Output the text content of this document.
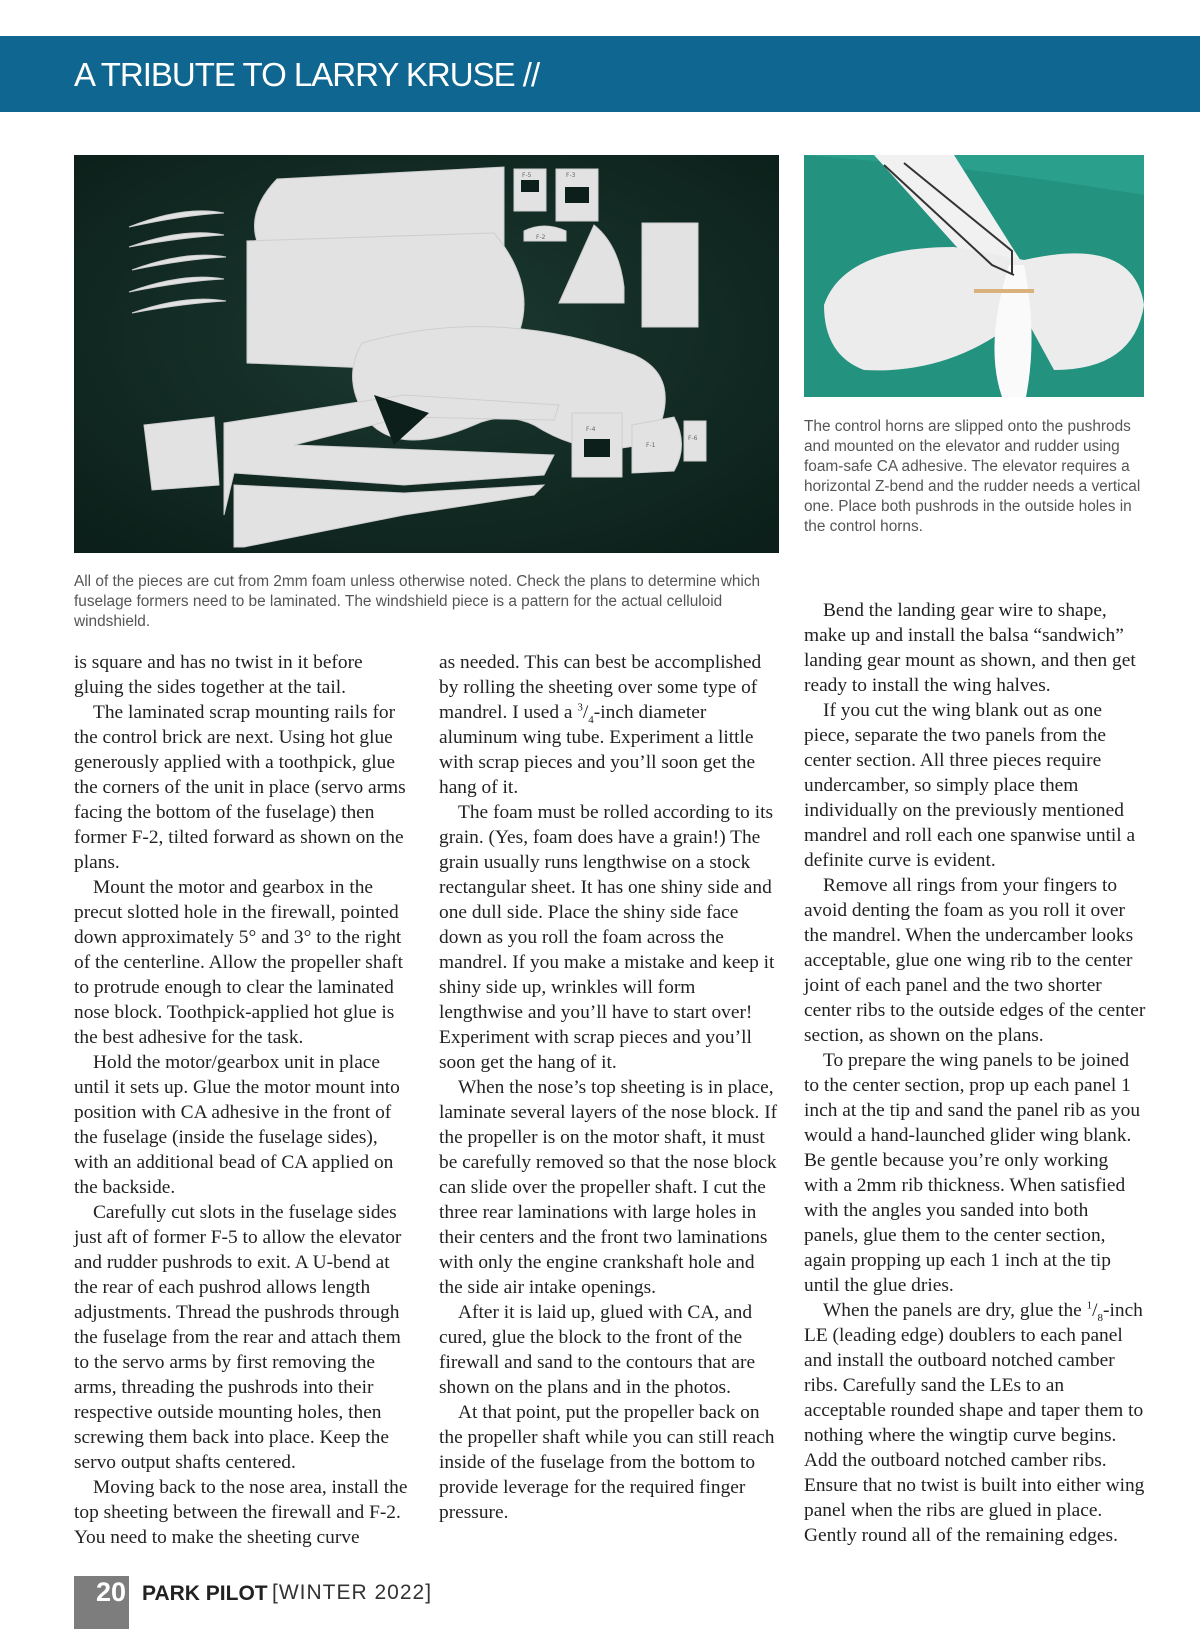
A TRIBUTE TO LARRY KRUSE //
F-5	F-3
F-2
F-4
F-1
F-6

The control horns are slipped onto the pushrods and mounted on the elevator and rudder using foam-safe CA adhesive. The elevator requires a horizontal Z-bend and the rudder needs a vertical one. Place both pushrods in the outside holes in the control horns.

All of the pieces are cut from 2mm foam unless otherwise noted. Check the plans to determine which fuselage formers need to be laminated. The windshield piece is a pattern for the actual celluloid windshield.

is square and has no twist in it before gluing the sides together at the tail.

The laminated scrap mounting rails for the control brick are next. Using hot glue generously applied with a toothpick, glue the corners of the unit in place (servo arms facing the bottom of the fuselage) then former F-2, tilted forward as shown on the plans.

Mount the motor and gearbox in the precut slotted hole in the firewall, pointed down approximately 5° and 3° to the right of the centerline. Allow the propeller shaft to protrude enough to clear the laminated nose block. Toothpick-applied hot glue is the best adhesive for the task.

Hold the motor/gearbox unit in place until it sets up. Glue the motor mount into position with CA adhesive in the front of the fuselage (inside the fuselage sides), with an additional bead of CA applied on the backside.

Carefully cut slots in the fuselage sides just aft of former F-5 to allow the elevator and rudder pushrods to exit. A U-bend at the rear of each pushrod allows length adjustments. Thread the pushrods through the fuselage from the rear and attach them to the servo arms by first removing the arms, threading the pushrods into their respective outside mounting holes, then screwing them back into place. Keep the servo output shafts centered.

Moving back to the nose area, install the top sheeting between the firewall and F-2. You need to make the sheeting curve

as needed. This can best be accomplished by rolling the sheeting over some type of mandrel. I used a $^3/_4$-inch diameter aluminum wing tube. Experiment a little with scrap pieces and you’ll soon get the hang of it.

The foam must be rolled according to its grain. (Yes, foam does have a grain!) The grain usually runs lengthwise on a stock rectangular sheet. It has one shiny side and one dull side. Place the shiny side face down as you roll the foam across the mandrel. If you make a mistake and keep it shiny side up, wrinkles will form lengthwise and you’ll have to start over! Experiment with scrap pieces and you’ll soon get the hang of it.

When the nose’s top sheeting is in place, laminate several layers of the nose block. If the propeller is on the motor shaft, it must be carefully removed so that the nose block can slide over the propeller shaft. I cut the three rear laminations with large holes in their centers and the front two laminations with only the engine crankshaft hole and the side air intake openings.

After it is laid up, glued with CA, and cured, glue the block to the front of the firewall and sand to the contours that are shown on the plans and in the photos.

At that point, put the propeller back on the propeller shaft while you can still reach inside of the fuselage from the bottom to provide leverage for the required finger pressure.

Bend the landing gear wire to shape, make up and install the balsa “sandwich” landing gear mount as shown, and then get ready to install the wing halves.

If you cut the wing blank out as one piece, separate the two panels from the center section. All three pieces require undercamber, so simply place them individually on the previously mentioned mandrel and roll each one spanwise until a definite curve is evident.

Remove all rings from your fingers to avoid denting the foam as you roll it over the mandrel. When the undercamber looks acceptable, glue one wing rib to the center joint of each panel and the two shorter center ribs to the outside edges of the center section, as shown on the plans.

To prepare the wing panels to be joined to the center section, prop up each panel 1 inch at the tip and sand the panel rib as you would a hand-launched glider wing blank. Be gentle because you’re only working with a 2mm rib thickness. When satisfied with the angles you sanded into both panels, glue them to the center section, again propping up each 1 inch at the tip until the glue dries.

When the panels are dry, glue the $^1/_8$-inch LE (leading edge) doublers to each panel and install the outboard notched camber ribs. Carefully sand the LEs to an acceptable rounded shape and taper them to nothing where the wingtip curve begins. Add the outboard notched camber ribs. Ensure that no twist is built into either wing panel when the ribs are glued in place. Gently round all of the remaining edges.

20 PARK PILOT [WINTER 2022]
